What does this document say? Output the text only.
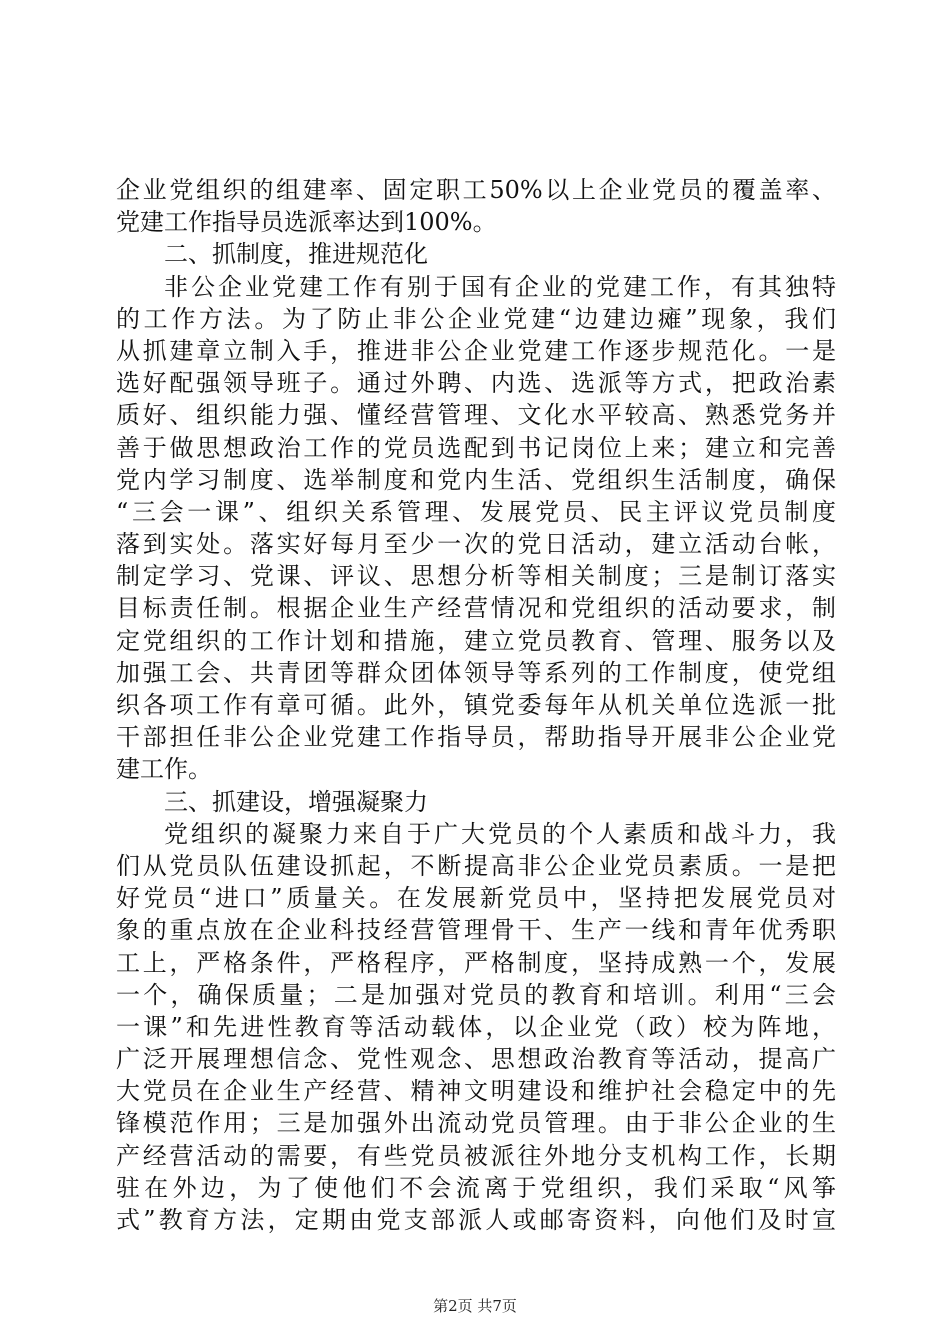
企业党组织的组建率、固定职工50%以上企业党员的覆盖率、
党建工作指导员选派率达到100%。
二、抓制度，推进规范化
非公企业党建工作有别于国有企业的党建工作，有其独特
的工作方法。为了防止非公企业党建“边建边瘫”现象，我们
从抓建章立制入手，推进非公企业党建工作逐步规范化。一是
选好配强领导班子。通过外聘、内选、选派等方式，把政治素
质好、组织能力强、懂经营管理、文化水平较高、熟悉党务并
善于做思想政治工作的党员选配到书记岗位上来；建立和完善
党内学习制度、选举制度和党内生活、党组织生活制度，确保
“三会一课”、组织关系管理、发展党员、民主评议党员制度
落到实处。落实好每月至少一次的党日活动，建立活动台帐，
制定学习、党课、评议、思想分析等相关制度；三是制订落实
目标责任制。根据企业生产经营情况和党组织的活动要求，制
定党组织的工作计划和措施，建立党员教育、管理、服务以及
加强工会、共青团等群众团体领导等系列的工作制度，使党组
织各项工作有章可循。此外，镇党委每年从机关单位选派一批
干部担任非公企业党建工作指导员，帮助指导开展非公企业党
建工作。
三、抓建设，增强凝聚力
党组织的凝聚力来自于广大党员的个人素质和战斗力，我
们从党员队伍建设抓起，不断提高非公企业党员素质。一是把
好党员“进口”质量关。在发展新党员中，坚持把发展党员对
象的重点放在企业科技经营管理骨干、生产一线和青年优秀职
工上，严格条件，严格程序，严格制度，坚持成熟一个，发展
一个，确保质量；二是加强对党员的教育和培训。利用“三会
一课”和先进性教育等活动载体，以企业党（政）校为阵地，
广泛开展理想信念、党性观念、思想政治教育等活动，提高广
大党员在企业生产经营、精神文明建设和维护社会稳定中的先
锋模范作用；三是加强外出流动党员管理。由于非公企业的生
产经营活动的需要，有些党员被派往外地分支机构工作，长期
驻在外边，为了使他们不会流离于党组织，我们采取“风筝
式”教育方法，定期由党支部派人或邮寄资料，向他们及时宣
第2页 共7页
